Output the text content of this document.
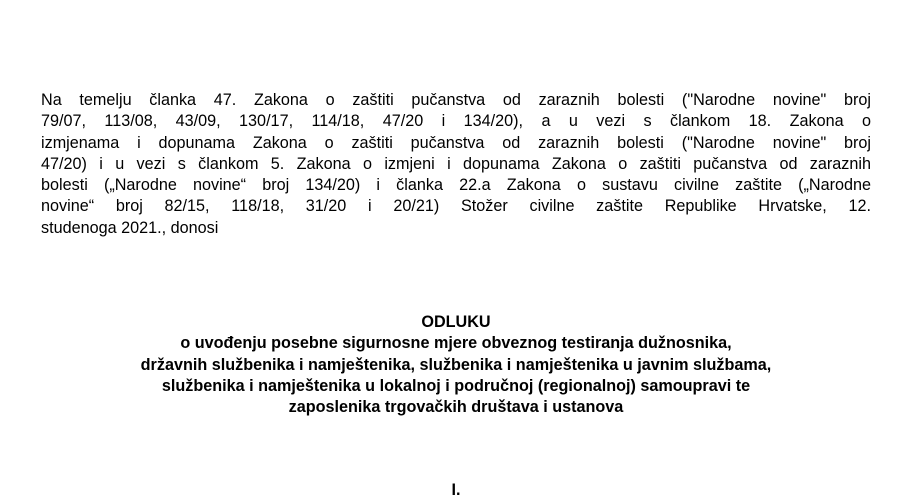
Na temelju članka 47. Zakona o zaštiti pučanstva od zaraznih bolesti ("Narodne novine" broj
79/07, 113/08, 43/09, 130/17, 114/18, 47/20 i 134/20), a u vezi s člankom 18. Zakona o
izmjenama i dopunama Zakona o zaštiti pučanstva od zaraznih bolesti ("Narodne novine" broj
47/20) i u vezi s člankom 5. Zakona o izmjeni i dopunama Zakona o zaštiti pučanstva od zaraznih
bolesti („Narodne novine“ broj 134/20) i članka 22.a Zakona o sustavu civilne zaštite („Narodne
novine“ broj 82/15, 118/18, 31/20 i 20/21) Stožer civilne zaštite Republike Hrvatske, 12.
studenoga 2021., donosi
ODLUKU
o uvođenju posebne sigurnosne mjere obveznog testiranja dužnosnika,
državnih službenika i namještenika, službenika i namještenika u javnim službama,
službenika i namještenika u lokalnoj i područnoj (regionalnoj) samoupravi te
zaposlenika trgovačkih društava i ustanova
I.
